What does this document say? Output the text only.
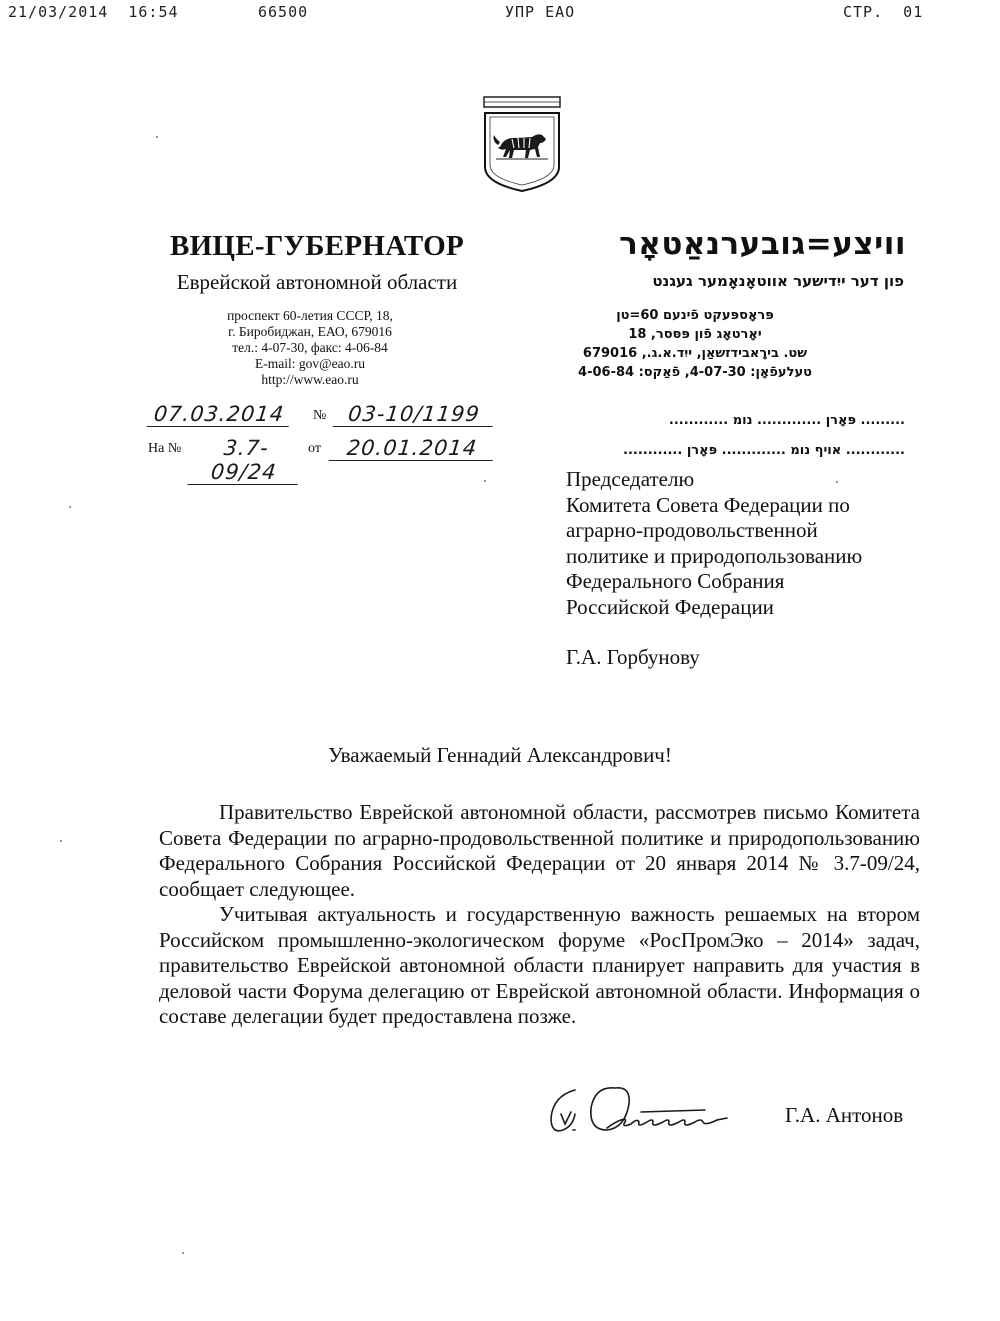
21/03/2014  16:54	66500	УПР ЕАО	СТР.  01
ВИЦЕ-ГУБЕРНАТОР
Еврейской автономной области
проспект 60-летия СССР, 18,
г. Биробиджан, ЕАО, 679016
тел.: 4-07-30, факс: 4-06-84
E-mail: gov@eao.ru
http://www.eao.ru
וויצע=גובערנאַטאָר
פון דער ייִדישער אווטאָנאָמער געגנט
פּראָספּעקט פֿינעם 60=טן
יאָרטאָג פֿון פּסּסר, 18
שט. בירָאבידזשאַן, ייִד.א.ג., 679016
טעלעפֿאָן: 4-07-30, פֿאַקס: 4-06-84
......... פּאָרן ............. נומ ............
............ אויף נומ ............. פּאָרן ............
07.03.2014	№ 03-10/1199
На №	3.7-09/24
от	20.01.2014
Председателю
Комитета Совета Федерации по
аграрно-продовольственной
политике и природопользованию
Федерального Собрания
Российской Федерации
Г.А. Горбунову
Уважаемый Геннадий Александрович!

Правительство Еврейской автономной области, рассмотрев письмо Комитета Совета Федерации по аграрно-продовольственной политике и природопользованию Федерального Собрания Российской Федерации от 20 января 2014 № 3.7-09/24, сообщает следующее.

Учитывая актуальность и государственную важность решаемых на втором Российском промышленно-экологическом форуме «РосПромЭко – 2014» задач, правительство Еврейской автономной области планирует направить для участия в деловой части Форума делегацию от Еврейской автономной области. Информация о составе делегации будет предоставлена позже.

Г.А. Антонов
